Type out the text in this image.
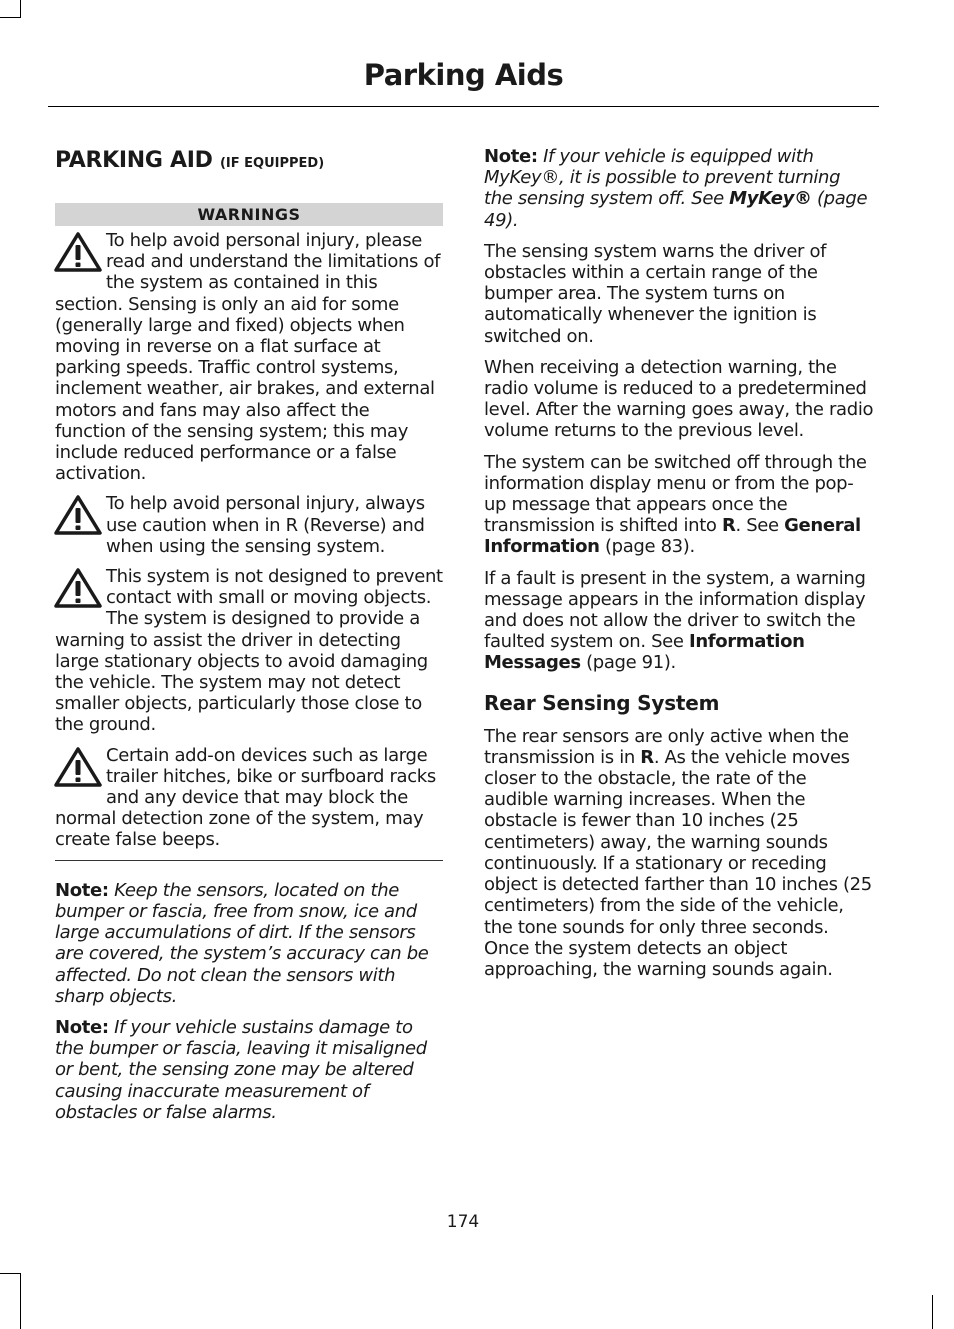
Parking Aids
PARKING AID (IF EQUIPPED)
WARNINGS

To help avoid personal injury, please read and understand the limitations of the system as contained in this section. Sensing is only an aid for some (generally large and fixed) objects when moving in reverse on a flat surface at parking speeds. Traffic control systems, inclement weather, air brakes, and external motors and fans may also affect the function of the sensing system; this may include reduced performance or a false activation.

To help avoid personal injury, always use caution when in R (Reverse) and when using the sensing system.

This system is not designed to prevent contact with small or moving objects. The system is designed to provide a warning to assist the driver in detecting large stationary objects to avoid damaging the vehicle. The system may not detect smaller objects, particularly those close to the ground.

Certain add-on devices such as large trailer hitches, bike or surfboard racks and any device that may block the normal detection zone of the system, may create false beeps.

Note: Keep the sensors, located on the bumper or fascia, free from snow, ice and large accumulations of dirt. If the sensors are covered, the system’s accuracy can be affected. Do not clean the sensors with sharp objects.

Note: If your vehicle sustains damage to the bumper or fascia, leaving it misaligned or bent, the sensing zone may be altered causing inaccurate measurement of obstacles or false alarms.

Note: If your vehicle is equipped with MyKey®, it is possible to prevent turning the sensing system off. See MyKey® (page 49).

The sensing system warns the driver of obstacles within a certain range of the bumper area. The system turns on automatically whenever the ignition is switched on.

When receiving a detection warning, the radio volume is reduced to a predetermined level. After the warning goes away, the radio volume returns to the previous level.

The system can be switched off through the information display menu or from the pop-up message that appears once the transmission is shifted into R. See General Information (page 83).

If a fault is present in the system, a warning message appears in the information display and does not allow the driver to switch the faulted system on. See Information Messages (page 91).

Rear Sensing System

The rear sensors are only active when the transmission is in R. As the vehicle moves closer to the obstacle, the rate of the audible warning increases. When the obstacle is fewer than 10 inches (25 centimeters) away, the warning sounds continuously. If a stationary or receding object is detected farther than 10 inches (25 centimeters) from the side of the vehicle, the tone sounds for only three seconds. Once the system detects an object approaching, the warning sounds again.

174
